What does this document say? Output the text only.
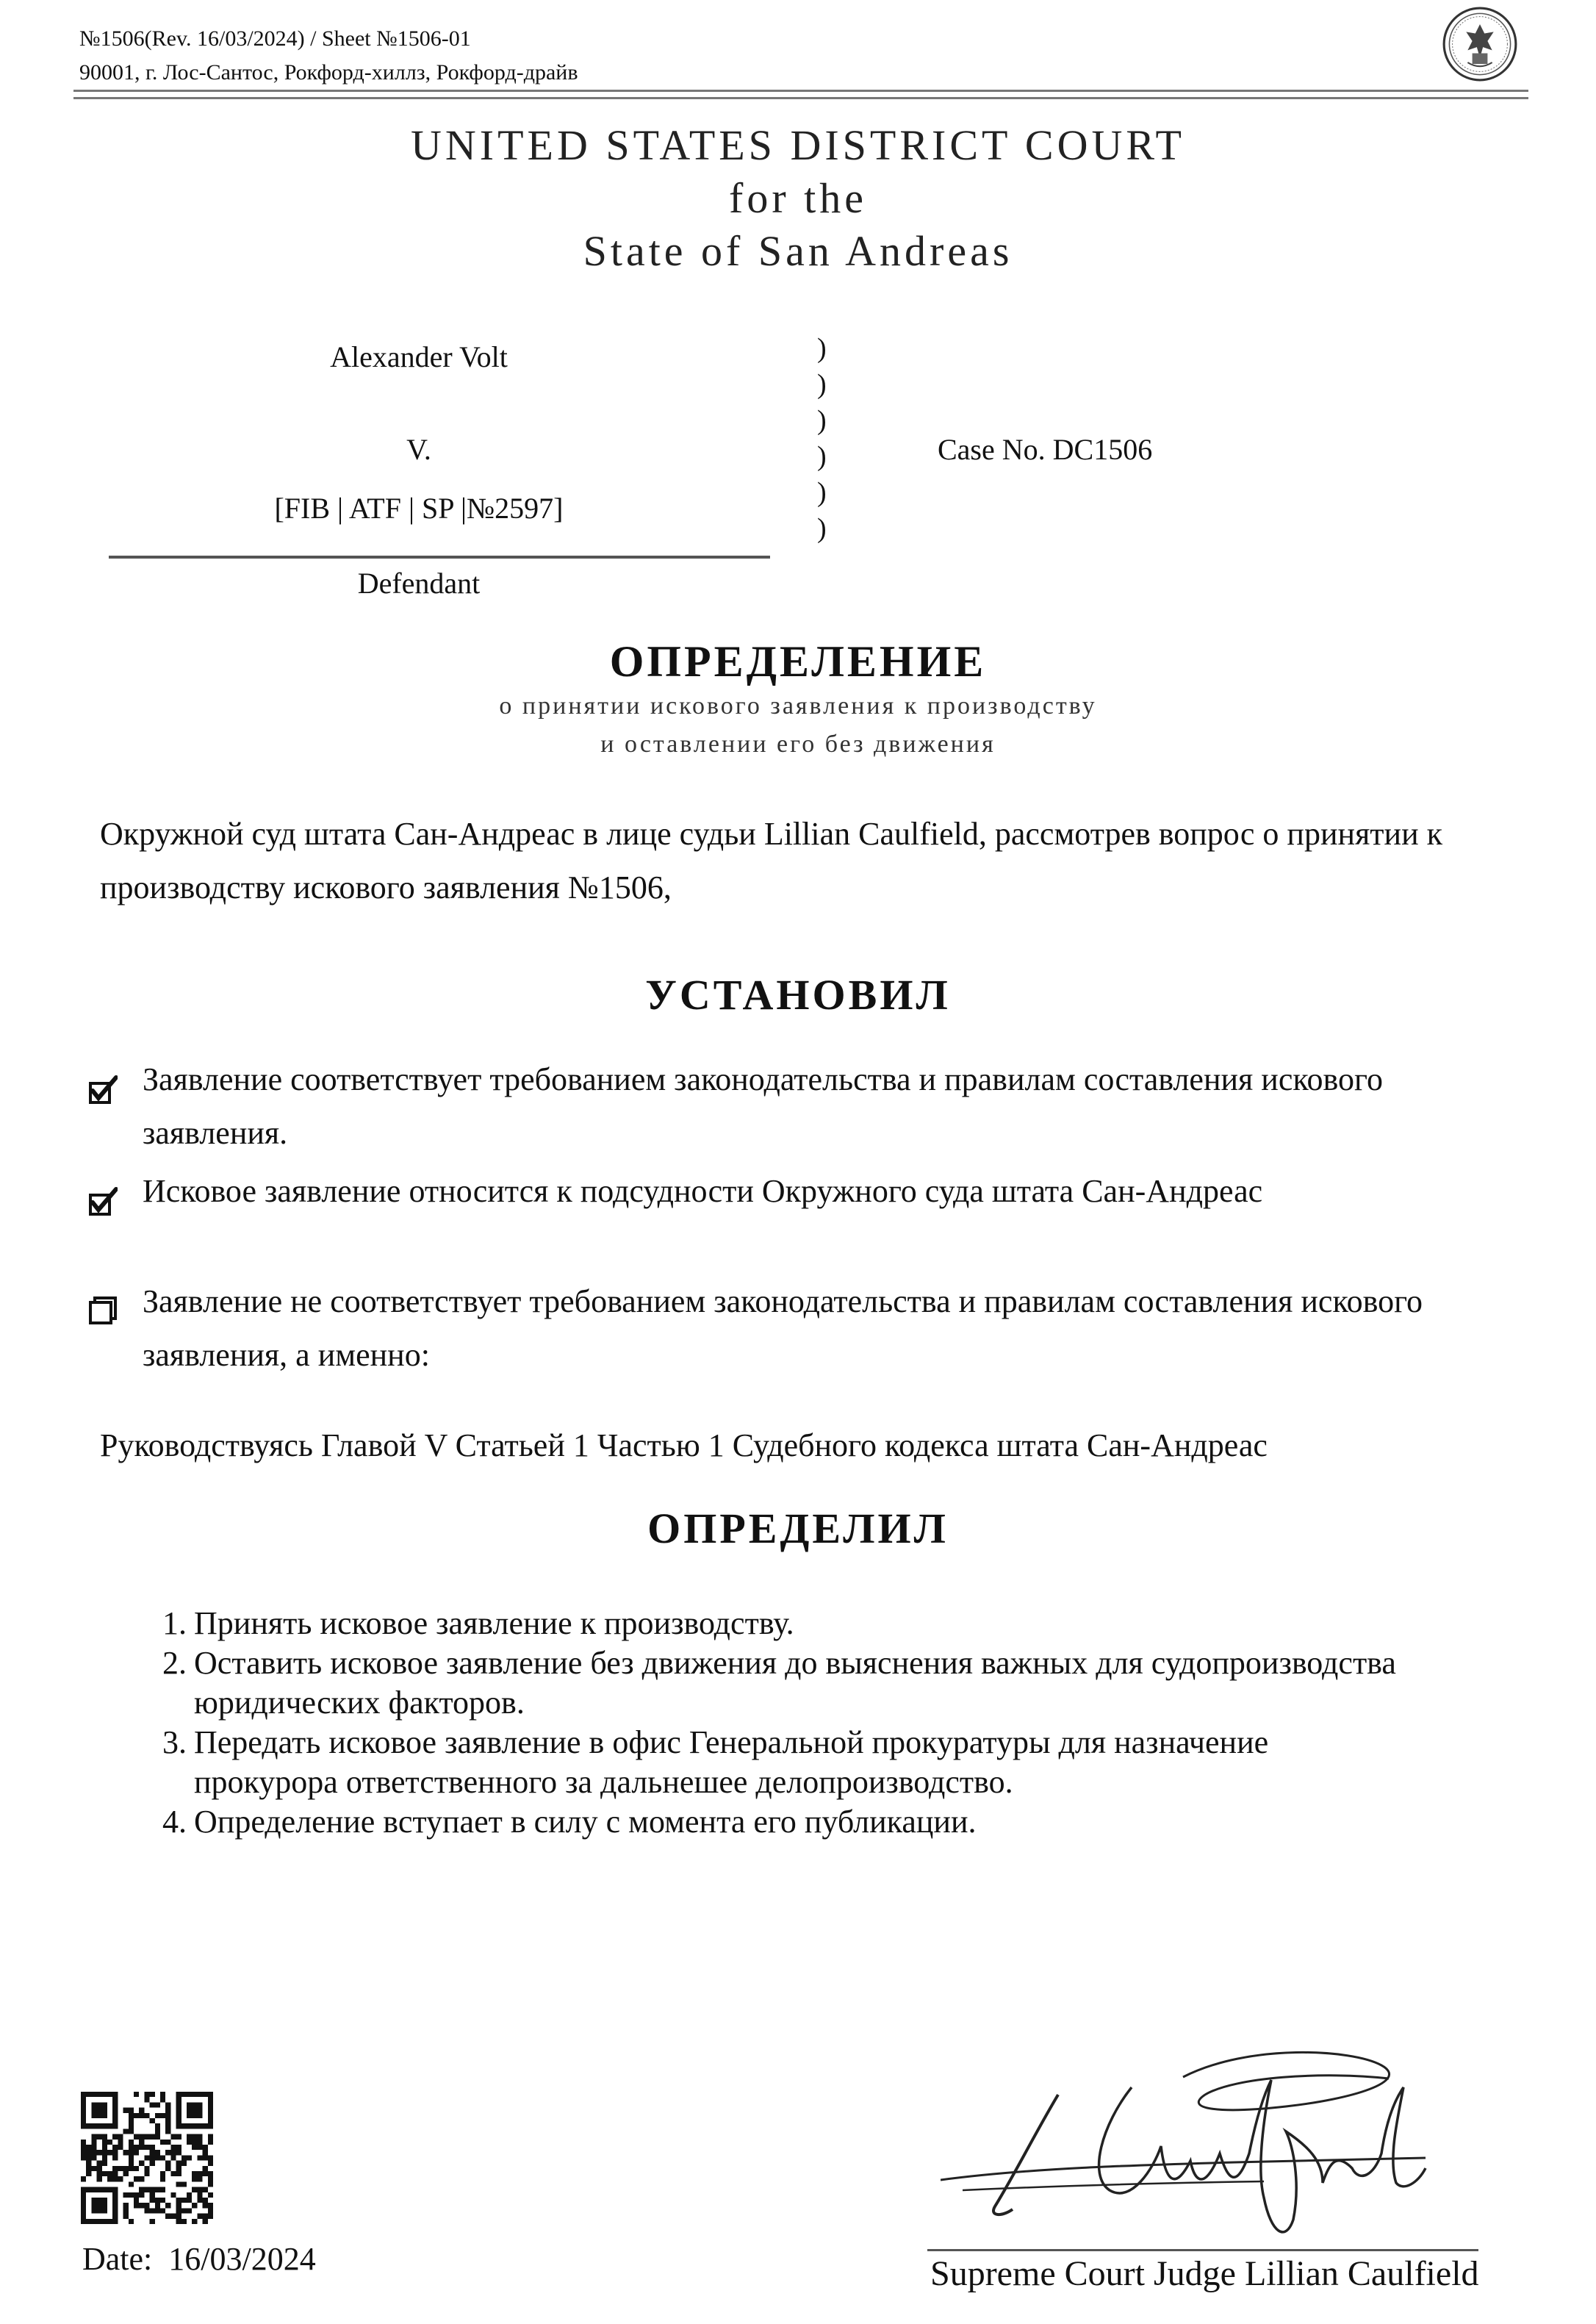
№1506(Rev. 16/03/2024) / Sheet №1506-01
90001, г. Лос-Сантос, Рокфорд-хиллз, Рокфорд-драйв
UNITED STATES DISTRICT COURT
for the
State of San Andreas
Alexander Volt
V.
[FIB | ATF | SP |№2597]
Defendant
)
)
)
)
)
)
Case No. DC1506
ОПРЕДЕЛЕНИЕ
о принятии искового заявления к производству
и оставлении его без движения
Окружной суд штата Сан-Андреас в лице судьи Lillian Caulfield, рассмотрев вопрос о принятии к производству искового заявления №1506,
УСТАНОВИЛ
Заявление соответствует требованием законодательства и правилам составления искового заявления.
Исковое заявление относится к подсудности Окружного суда штата Сан-Андреас
Заявление не соответствует требованием законодательства и правилам составления искового заявления, а именно:
Руководствуясь Главой V Статьей 1 Частью 1 Судебного кодекса штата Сан-Андреас
ОПРЕДЕЛИЛ
1. Принять исковое заявление к производству.
2. Оставить исковое заявление без движения до выяснения важных для судопроизводства юридических факторов.
3. Передать исковое заявление в офис Генеральной прокуратуры для назначение прокурора ответственного за дальнешее делопроизводство.
4. Определение вступает в силу с момента его публикации.
Date: 16/03/2024	Supreme Court Judge Lillian Caulfield
